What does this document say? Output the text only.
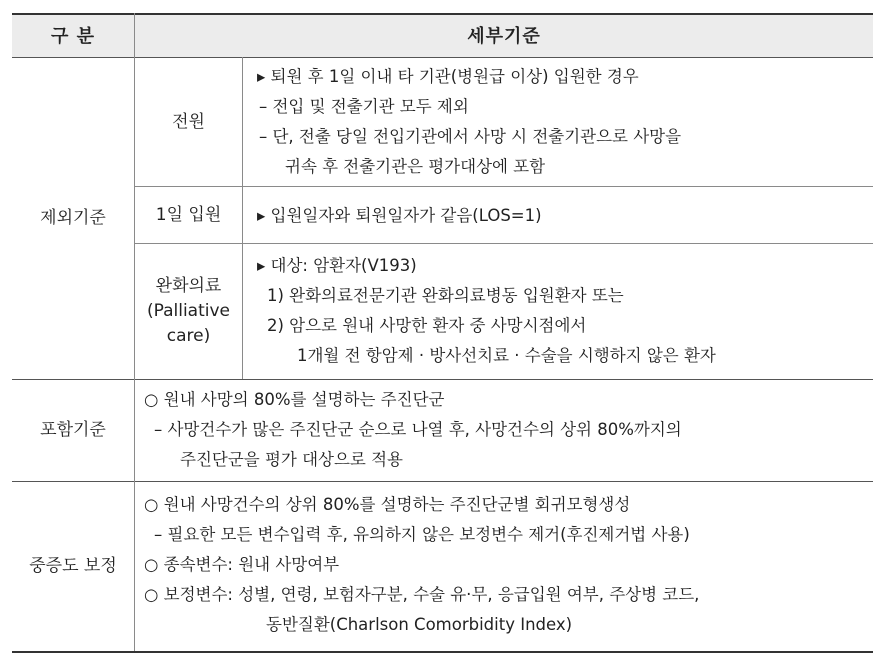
구 분	세부기준
제외기준
전원
▸ 퇴원 후 1일 이내 타 기관(병원급 이상) 입원한 경우
– 전입 및 전출기관 모두 제외
– 단, 전출 당일 전입기관에서 사망 시 전출기관으로 사망을
귀속 후 전출기관은 평가대상에 포함
1일 입원	▸ 입원일자와 퇴원일자가 같음(LOS=1)
완화의료
(Palliative
care)
▸ 대상: 암환자(V193)
1) 완화의료전문기관 완화의료병동 입원환자 또는
2) 암으로 원내 사망한 환자 중 사망시점에서
1개월 전 항암제 · 방사선치료 · 수술을 시행하지 않은 환자
포함기준
○ 원내 사망의 80%를 설명하는 주진단군
– 사망건수가 많은 주진단군 순으로 나열 후, 사망건수의 상위 80%까지의
주진단군을 평가 대상으로 적용
중증도 보정
○ 원내 사망건수의 상위 80%를 설명하는 주진단군별 회귀모형생성
– 필요한 모든 변수입력 후, 유의하지 않은 보정변수 제거(후진제거법 사용)
○ 종속변수: 원내 사망여부
○ 보정변수: 성별, 연령, 보험자구분, 수술 유·무, 응급입원 여부, 주상병 코드,
동반질환(Charlson Comorbidity Index)
